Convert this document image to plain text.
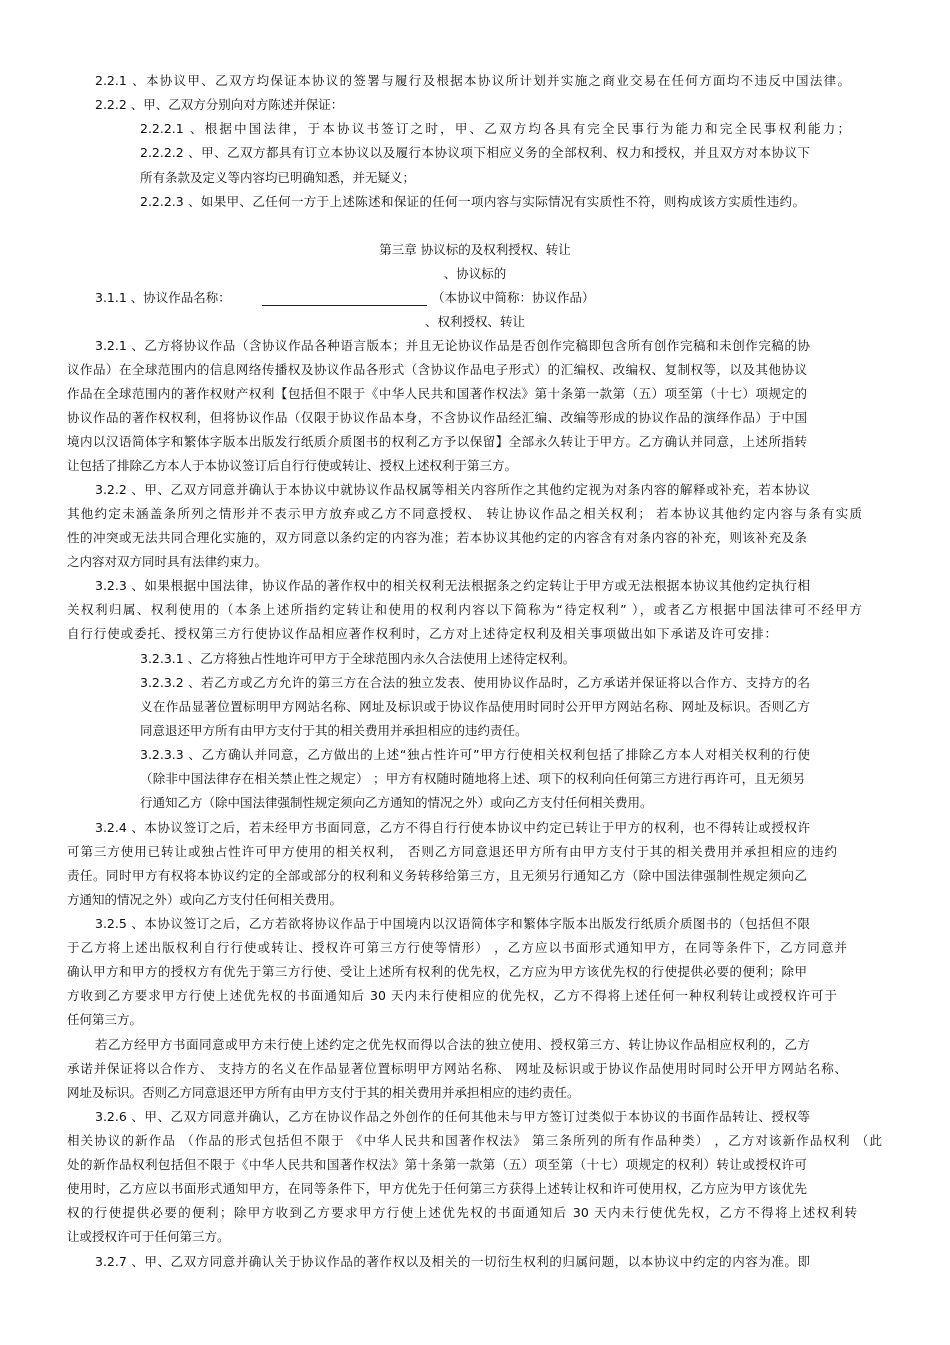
2.2.1 、本协议甲、乙双方均保证本协议的签署与履行及根据本协议所计划并实施之商业交易在任何方面均不违反中国法律。
2.2.2 、甲、乙双方分别向对方陈述并保证：
2.2.2.1 、根据中国法律，于本协议书签订之时，甲、乙双方均各具有完全民事行为能力和完全民事权利能力；
2.2.2.2 、甲、乙双方都具有订立本协议以及履行本协议项下相应义务的全部权利、权力和授权，并且双方对本协议下
所有条款及定义等内容均已明确知悉，并无疑义；
2.2.2.3 、如果甲、乙任何一方于上述陈述和保证的任何一项内容与实际情况有实质性不符，则构成该方实质性违约。
第三章 协议标的及权利授权、转让
、协议标的
3.1.1 、协议作品名称：	（本协议中简称：协议作品）
、权利授权、转让
3.2.1 、乙方将协议作品（含协议作品各种语言版本；并且无论协议作品是否创作完稿即包含所有创作完稿和未创作完稿的协
议作品）在全球范围内的信息网络传播权及协议作品各形式（含协议作品电子形式）的汇编权、改编权、复制权等，以及其他协议
作品在全球范围内的著作权财产权利【包括但不限于《中华人民共和国著作权法》第十条第一款第（五）项至第（十七）项规定的
协议作品的著作权权利，但将协议作品（仅限于协议作品本身，不含协议作品经汇编、改编等形成的协议作品的演绎作品）于中国
境内以汉语简体字和繁体字版本出版发行纸质介质图书的权利乙方予以保留】全部永久转让于甲方。乙方确认并同意，上述所指转
让包括了排除乙方本人于本协议签订后自行行使或转让、授权上述权利于第三方。
3.2.2 、甲、乙双方同意并确认于本协议中就协议作品权属等相关内容所作之其他约定视为对条内容的解释或补充，若本协议
其他约定未涵盖条所列之情形并不表示甲方放弃或乙方不同意授权、 转让协议作品之相关权利； 若本协议其他约定内容与条有实质
性的冲突或无法共同合理化实施的，双方同意以条约定的内容为准；若本协议其他约定的内容含有对条内容的补充，则该补充及条
之内容对双方同时具有法律约束力。
3.2.3 、如果根据中国法律，协议作品的著作权中的相关权利无法根据条之约定转让于甲方或无法根据本协议其他约定执行相
关权利归属、权利使用的（本条上述所指约定转让和使用的权利内容以下简称为“待定权利” ），或者乙方根据中国法律可不经甲方
自行行使或委托、授权第三方行使协议作品相应著作权利时，乙方对上述待定权利及相关事项做出如下承诺及许可安排：
3.2.3.1 、乙方将独占性地许可甲方于全球范围内永久合法使用上述待定权利。
3.2.3.2 、若乙方或乙方允许的第三方在合法的独立发表、使用协议作品时，乙方承诺并保证将以合作方、支持方的名
义在作品显著位置标明甲方网站名称、网址及标识或于协议作品使用时同时公开甲方网站名称、网址及标识。否则乙方
同意退还甲方所有由甲方支付于其的相关费用并承担相应的违约责任。
3.2.3.3 、乙方确认并同意，乙方做出的上述“独占性许可”甲方行使相关权利包括了排除乙方本人对相关权利的行使
（除非中国法律存在相关禁止性之规定） ；甲方有权随时随地将上述、项下的权利向任何第三方进行再许可，且无须另
行通知乙方（除中国法律强制性规定须向乙方通知的情况之外）或向乙方支付任何相关费用。
3.2.4 、本协议签订之后，若未经甲方书面同意，乙方不得自行行使本协议中约定已转让于甲方的权利，也不得转让或授权许
可第三方使用已转让或独占性许可甲方使用的相关权利， 否则乙方同意退还甲方所有由甲方支付于其的相关费用并承担相应的违约
责任。同时甲方有权将本协议约定的全部或部分的权利和义务转移给第三方，且无须另行通知乙方（除中国法律强制性规定须向乙
方通知的情况之外）或向乙方支付任何相关费用。
3.2.5 、本协议签订之后，乙方若欲将协议作品于中国境内以汉语简体字和繁体字版本出版发行纸质介质图书的（包括但不限
于乙方将上述出版权利自行行使或转让、授权许可第三方行使等情形） ，乙方应以书面形式通知甲方，在同等条件下，乙方同意并
确认甲方和甲方的授权方有优先于第三方行使、受让上述所有权利的优先权，乙方应为甲方该优先权的行使提供必要的便利；除甲
方收到乙方要求甲方行使上述优先权的书面通知后 30 天内未行使相应的优先权，乙方不得将上述任何一种权利转让或授权许可于
任何第三方。
若乙方经甲方书面同意或甲方未行使上述约定之优先权而得以合法的独立使用、授权第三方、转让协议作品相应权利的，乙方
承诺并保证将以合作方、 支持方的名义在作品显著位置标明甲方网站名称、 网址及标识或于协议作品使用时同时公开甲方网站名称、
网址及标识。否则乙方同意退还甲方所有由甲方支付于其的相关费用并承担相应的违约责任。
3.2.6 、甲、乙双方同意并确认，乙方在协议作品之外创作的任何其他未与甲方签订过类似于本协议的书面作品转让、授权等
相关协议的新作品 （作品的形式包括但不限于 《中华人民共和国著作权法》 第三条所列的所有作品种类） ，乙方对该新作品权利 （此
处的新作品权利包括但不限于《中华人民共和国著作权法》第十条第一款第（五）项至第（十七）项规定的权利）转让或授权许可
使用时，乙方应以书面形式通知甲方，在同等条件下，甲方优先于任何第三方获得上述转让权和许可使用权，乙方应为甲方该优先
权的行使提供必要的便利；除甲方收到乙方要求甲方行使上述优先权的书面通知后 30 天内未行使优先权，乙方不得将上述权利转
让或授权许可于任何第三方。
3.2.7 、甲、乙双方同意并确认关于协议作品的著作权以及相关的一切衍生权利的归属问题，以本协议中约定的内容为准。即
